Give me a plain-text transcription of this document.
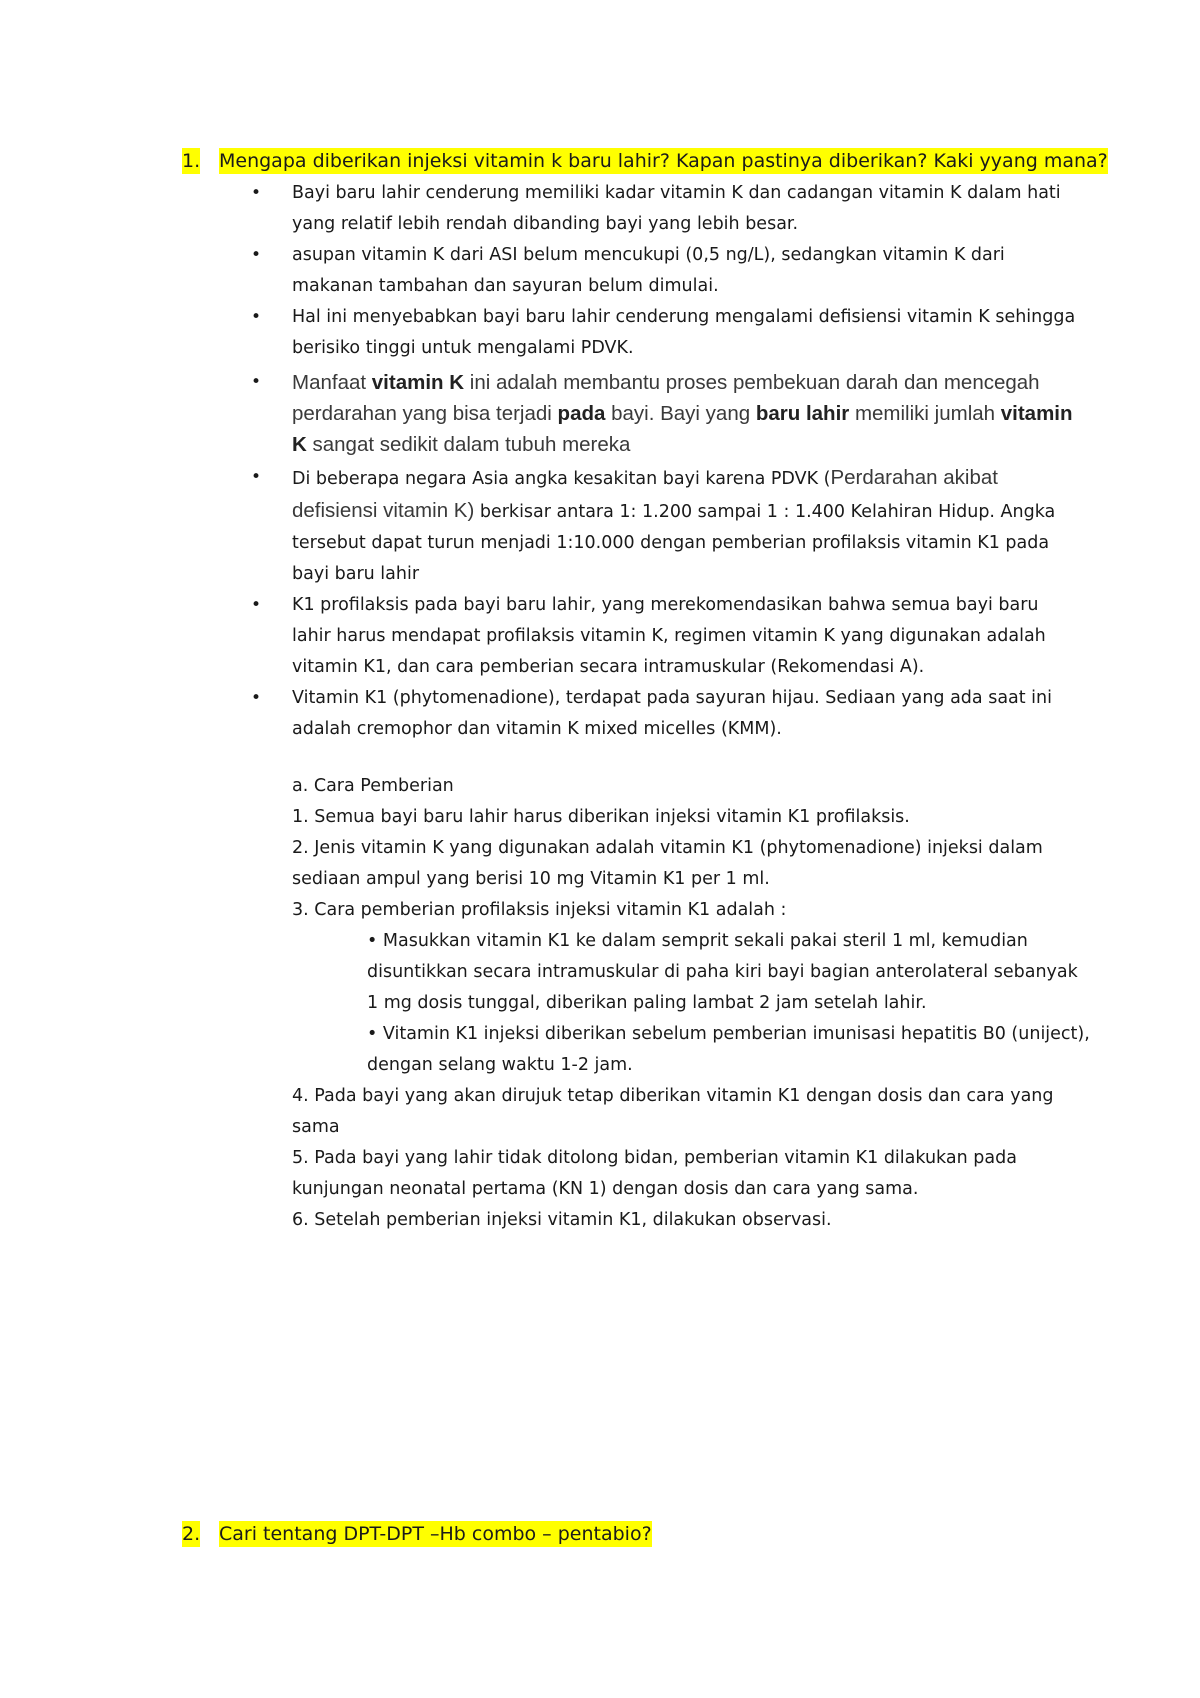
1. Mengapa diberikan injeksi vitamin k baru lahir? Kapan pastinya diberikan? Kaki yyang mana?
• Bayi baru lahir cenderung memiliki kadar vitamin K dan cadangan vitamin K dalam hati yang relatif lebih rendah dibanding bayi yang lebih besar.
• asupan vitamin K dari ASI belum mencukupi (0,5 ng/L), sedangkan vitamin K dari makanan tambahan dan sayuran belum dimulai.
• Hal ini menyebabkan bayi baru lahir cenderung mengalami defisiensi vitamin K sehingga berisiko tinggi untuk mengalami PDVK.
• Manfaat vitamin K ini adalah membantu proses pembekuan darah dan mencegah perdarahan yang bisa terjadi pada bayi. Bayi yang baru lahir memiliki jumlah vitamin K sangat sedikit dalam tubuh mereka
• Di beberapa negara Asia angka kesakitan bayi karena PDVK (Perdarahan akibat defisiensi vitamin K) berkisar antara 1: 1.200 sampai 1 : 1.400 Kelahiran Hidup. Angka tersebut dapat turun menjadi 1:10.000 dengan pemberian profilaksis vitamin K1 pada bayi baru lahir
• K1 profilaksis pada bayi baru lahir, yang merekomendasikan bahwa semua bayi baru lahir harus mendapat profilaksis vitamin K, regimen vitamin K yang digunakan adalah vitamin K1, dan cara pemberian secara intramuskular (Rekomendasi A).
• Vitamin K1 (phytomenadione), terdapat pada sayuran hijau. Sediaan yang ada saat ini adalah cremophor dan vitamin K mixed micelles (KMM).
a. Cara Pemberian
1. Semua bayi baru lahir harus diberikan injeksi vitamin K1 profilaksis.
2. Jenis vitamin K yang digunakan adalah vitamin K1 (phytomenadione) injeksi dalam sediaan ampul yang berisi 10 mg Vitamin K1 per 1 ml.
3. Cara pemberian profilaksis injeksi vitamin K1 adalah :
• Masukkan vitamin K1 ke dalam semprit sekali pakai steril 1 ml, kemudian disuntikkan secara intramuskular di paha kiri bayi bagian anterolateral sebanyak 1 mg dosis tunggal, diberikan paling lambat 2 jam setelah lahir.
• Vitamin K1 injeksi diberikan sebelum pemberian imunisasi hepatitis B0 (uniject), dengan selang waktu 1-2 jam.
4. Pada bayi yang akan dirujuk tetap diberikan vitamin K1 dengan dosis dan cara yang sama
5. Pada bayi yang lahir tidak ditolong bidan, pemberian vitamin K1 dilakukan pada kunjungan neonatal pertama (KN 1) dengan dosis dan cara yang sama.
6. Setelah pemberian injeksi vitamin K1, dilakukan observasi.
2. Cari tentang DPT-DPT –Hb combo – pentabio?
